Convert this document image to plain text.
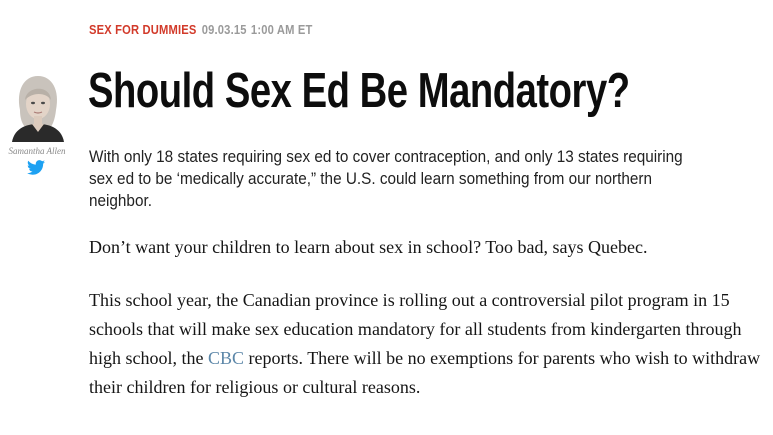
SEX FOR DUMMIES 09.03.15 1:00 AM ET
Should Sex Ed Be Mandatory?
Samantha Allen	With only 18 states requiring sex ed to cover contraception, and only 13 states requiring sex ed to be ‘medically accurate,” the U.S. could learn something from our northern neighbor.

Don’t want your children to learn about sex in school? Too bad, says Quebec.

This school year, the Canadian province is rolling out a controversial pilot program in 15 schools that will make sex education mandatory for all students from kindergarten through high school, the CBC reports. There will be no exemptions for parents who wish to withdraw their children for religious or cultural reasons.
